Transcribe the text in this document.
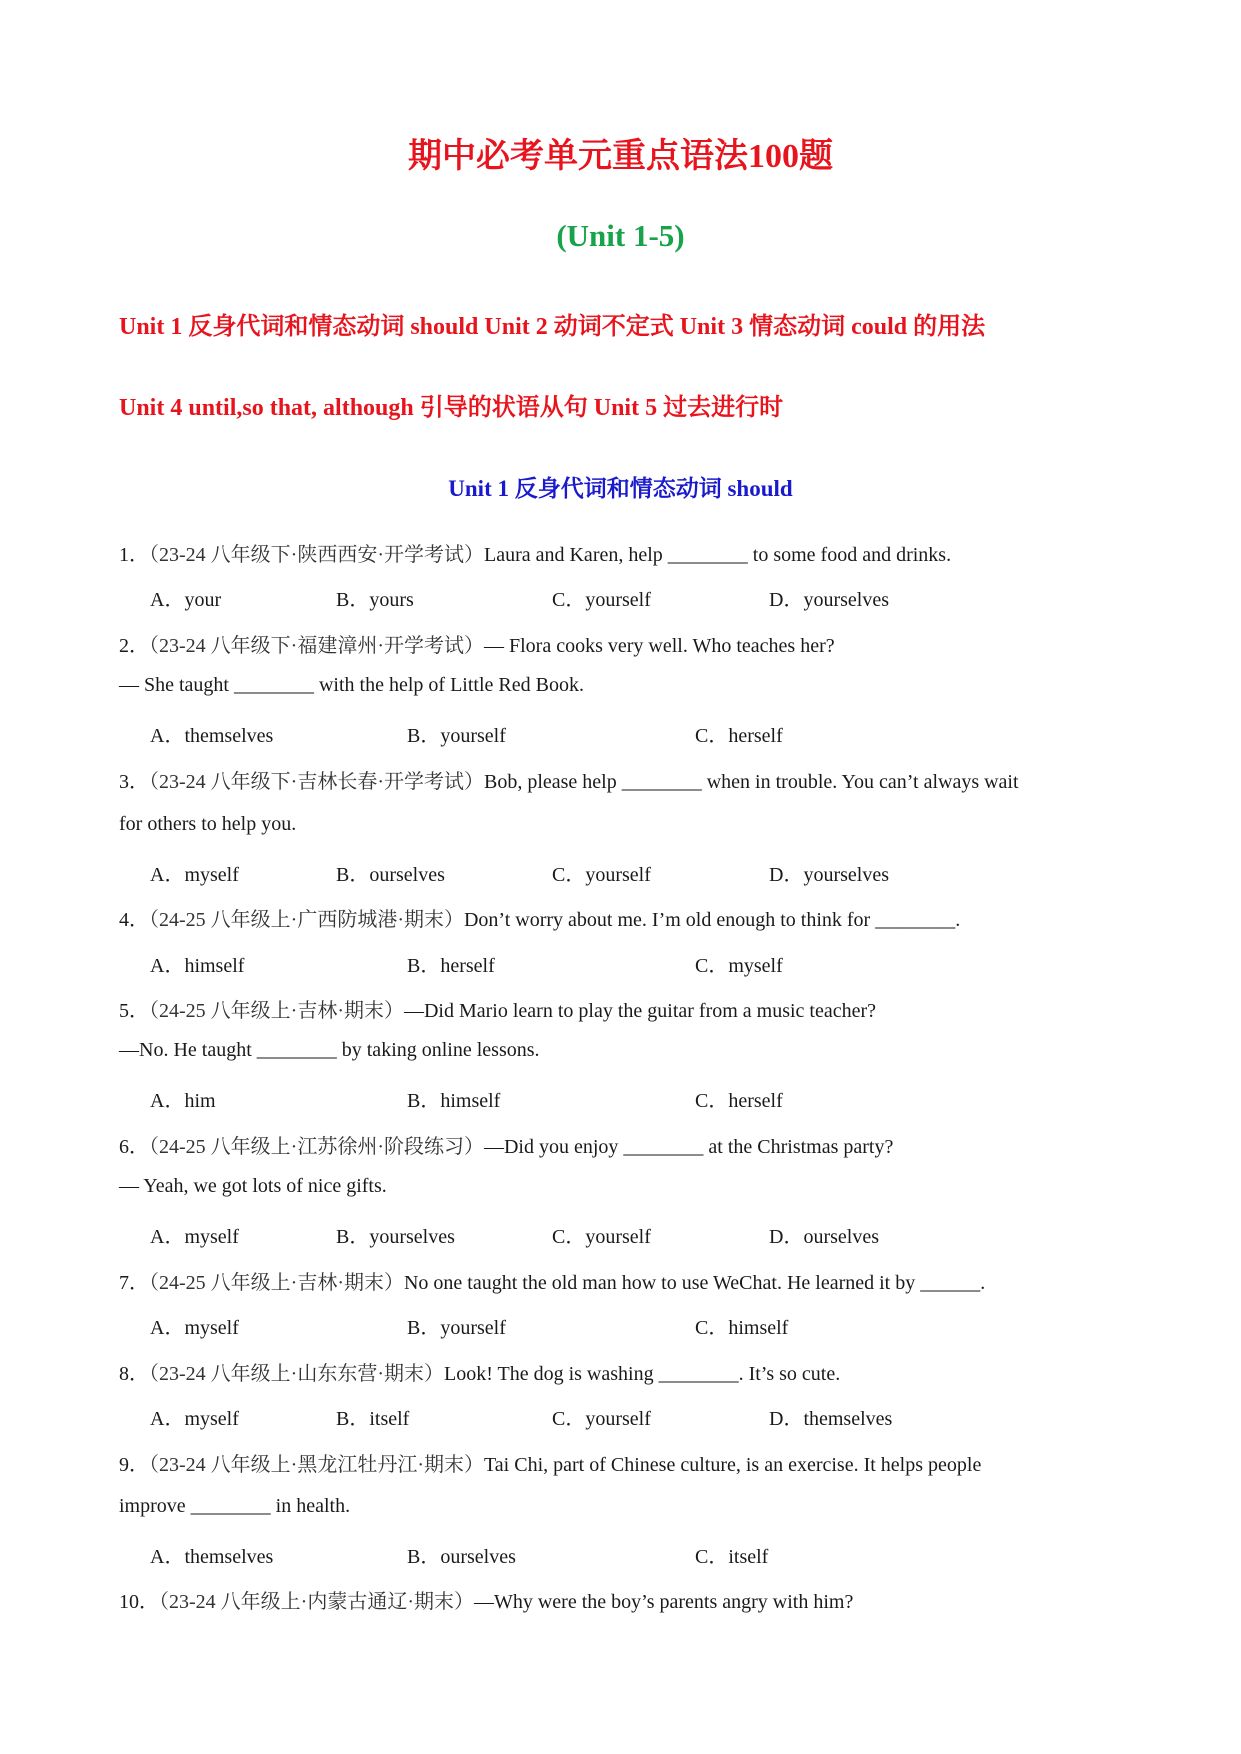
期中必考单元重点语法100题
(Unit 1-5)
Unit 1 反身代词和情态动词 should Unit 2 动词不定式 Unit 3 情态动词 could 的用法
Unit 4 until,so that, although 引导的状语从句 Unit 5 过去进行时
Unit 1 反身代词和情态动词 should
1．（23-24 八年级下·陕西西安·开学考试）Laura and Karen, help ________ to some food and drinks.
A．your	B．yours	C．yourself	D．yourselves
2．（23-24 八年级下·福建漳州·开学考试）— Flora cooks very well. Who teaches her?
— She taught ________ with the help of Little Red Book.
A．themselves	B．yourself	C．herself
3．（23-24 八年级下·吉林长春·开学考试）Bob, please help ________ when in trouble. You can’t always wait
for others to help you.
A．myself	B．ourselves	C．yourself	D．yourselves
4．（24-25 八年级上·广西防城港·期末）Don’t worry about me. I’m old enough to think for ________.
A．himself	B．herself	C．myself
5．（24-25 八年级上·吉林·期末）—Did Mario learn to play the guitar from a music teacher?
—No. He taught ________ by taking online lessons.
A．him	B．himself	C．herself
6．（24-25 八年级上·江苏徐州·阶段练习）—Did you enjoy ________ at the Christmas party?
— Yeah, we got lots of nice gifts.
A．myself	B．yourselves	C．yourself	D．ourselves
7．（24-25 八年级上·吉林·期末）No one taught the old man how to use WeChat. He learned it by ______.
A．myself	B．yourself	C．himself
8．（23-24 八年级上·山东东营·期末）Look! The dog is washing ________. It’s so cute.
A．myself	B．itself	C．yourself	D．themselves
9．（23-24 八年级上·黑龙江牡丹江·期末）Tai Chi, part of Chinese culture, is an exercise. It helps people
improve ________ in health.
A．themselves	B．ourselves	C．itself
10．（23-24 八年级上·内蒙古通辽·期末）—Why were the boy’s parents angry with him?
